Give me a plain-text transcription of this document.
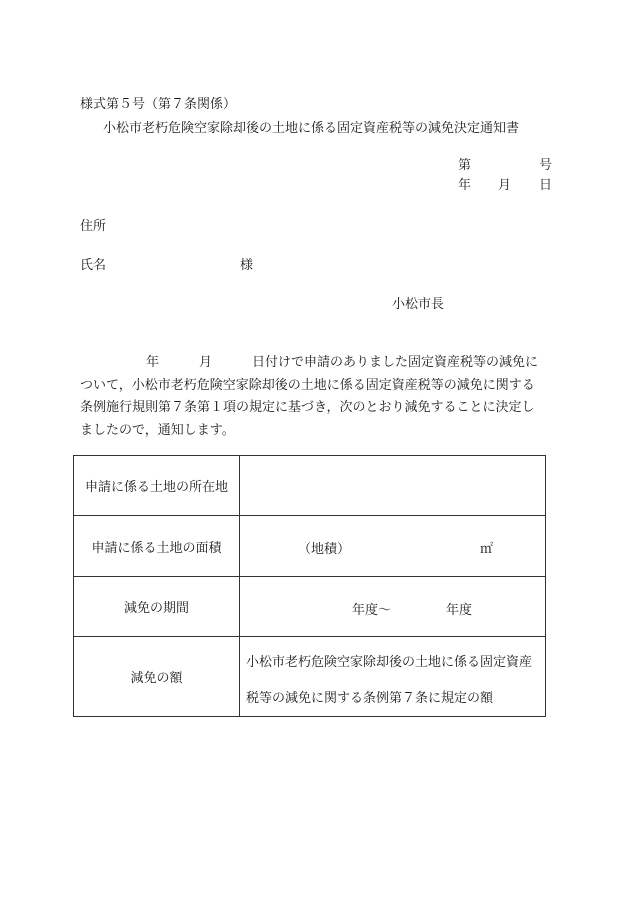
様式第５号（第７条関係）
小松市老朽危険空家除却後の土地に係る固定資産税等の減免決定通知書
第	号
年 月 日
住所
氏名	様
小松市長
年	月	日付けで申請のありました固定資産税等の減免に
ついて，小松市老朽危険空家除却後の土地に係る固定資産税等の減免に関する
条例施行規則第７条第１項の規定に基づき，次のとおり減免することに決定し
ましたので，通知します。
申請に係る土地の所在地	
申請に係る土地の面積	（地積） ㎡

減免の期間	年度～ 年度

減免の額	小松市老朽危険空家除却後の土地に係る固定資産
税等の減免に関する条例第７条に規定の額
